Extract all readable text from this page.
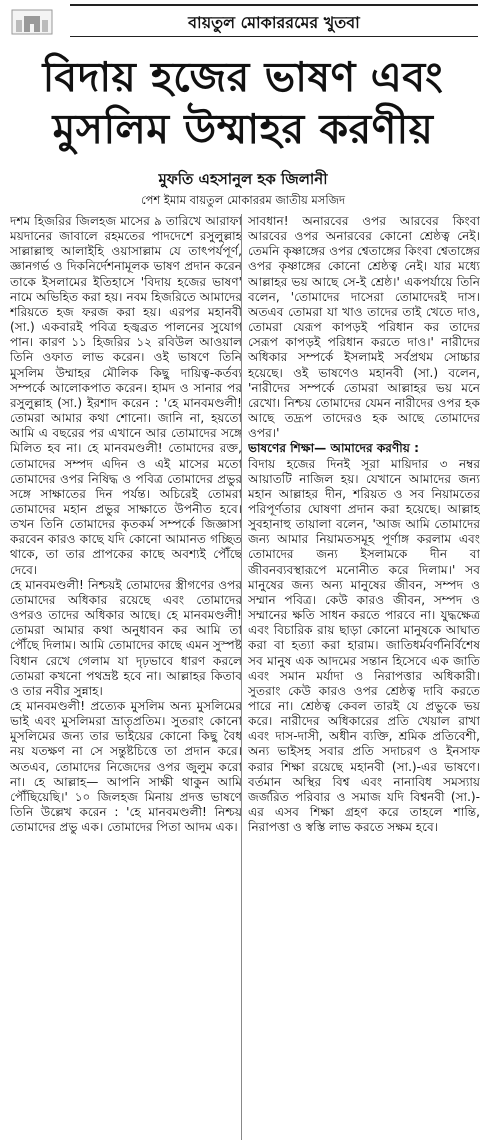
বায়তুল মোকাররমের খুতবা
বিদায় হজের ভাষণ এবং
মুসলিম উম্মাহর করণীয়
মুফতি এহসানুল হক জিলানী
পেশ ইমাম বায়তুল মোকাররম জাতীয় মসজিদ

দশম হিজরির জিলহজ মাসের ৯ তারিখে আরাফা ময়দানের জাবালে রহমতের পাদদেশে রসুলুল্লাহ সাল্লাল্লাহু আলাইহি ওয়াসাল্লাম যে তাৎপর্যপূর্ণ, জ্ঞানগর্ভ ও দিকনির্দেশনামূলক ভাষণ প্রদান করেন তাকে ইসলামের ইতিহাসে 'বিদায় হজের ভাষণ' নামে অভিহিত করা হয়। নবম হিজরিতে আমাদের শরিয়তে হজ ফরজ করা হয়। এরপর মহানবী (সা.) একবারই পবিত্র হজ্বব্রত পালনের সুযোগ পান। কারণ ১১ হিজরির ১২ রবিউল আওয়াল তিনি ওফাত লাভ করেন। ওই ভাষণে তিনি মুসলিম উম্মাহর মৌলিক কিছু দায়িত্ব-কর্তব্য সম্পর্কে আলোকপাত করেন। হামদ ও সানার পর রসুলুল্লাহ (সা.) ইরশাদ করেন : 'হে মানবমণ্ডলী! তোমরা আমার কথা শোনো। জানি না, হয়তো আমি এ বছরের পর এখানে আর তোমাদের সঙ্গে মিলিত হব না। হে মানবমণ্ডলী! তোমাদের রক্ত, তোমাদের সম্পদ এদিন ও এই মাসের মতো তোমাদের ওপর নিষিদ্ধ ও পবিত্র তোমাদের প্রভুর সঙ্গে সাক্ষাতের দিন পর্যন্ত। অচিরেই তোমরা তোমাদের মহান প্রভুর সাক্ষাতে উপনীত হবে। তখন তিনি তোমাদের কৃতকর্ম সম্পর্কে জিজ্ঞাসা করবেন কারও কাছে যদি কোনো আমানত গচ্ছিত থাকে, তা তার প্রাপকের কাছে অবশ্যই পৌঁছে দেবে।

হে মানবমণ্ডলী! নিশ্চয়ই তোমাদের স্ত্রীগণের ওপর তোমাদের অধিকার রয়েছে এবং তোমাদের ওপরও তাদের অধিকার আছে। হে মানবমণ্ডলী! তোমরা আমার কথা অনুধাবন কর আমি তা পৌঁছে দিলাম। আমি তোমাদের কাছে এমন সুস্পষ্ট বিধান রেখে গেলাম যা দৃঢ়ভাবে ধারণ করলে তোমরা কখনো পথভ্রষ্ট হবে না। আল্লাহর কিতাব ও তার নবীর সুন্নাহ।

হে মানবমণ্ডলী! প্রত্যেক মুসলিম অন্য মুসলিমের ভাই এবং মুসলিমরা ভ্রাতৃপ্রতিম। সুতরাং কোনো মুসলিমের জন্য তার ভাইয়ের কোনো কিছু বৈধ নয় যতক্ষণ না সে সন্তুষ্টচিত্তে তা প্রদান করে। অতএব, তোমাদের নিজেদের ওপর জুলুম করো না। হে আল্লাহ— আপনি সাক্ষী থাকুন আমি পৌঁছিয়েছি।' ১০ জিলহজ মিনায় প্রদত্ত ভাষণে তিনি উল্লেখ করেন : 'হে মানবমণ্ডলী! নিশ্চয় তোমাদের প্রভু এক। তোমাদের পিতা আদম এক।

সাবধান! অনারবের ওপর আরবের কিংবা আরবের ওপর অনারবের কোনো শ্রেষ্ঠত্ব নেই। তেমনি কৃষ্ণাঙ্গের ওপর শ্বেতাঙ্গের কিংবা শ্বেতাঙ্গের ওপর কৃষ্ণাঙ্গের কোনো শ্রেষ্ঠত্ব নেই। যার মধ্যে আল্লাহর ভয় আছে সে-ই শ্রেষ্ঠ।' একপর্যায়ে তিনি বলেন, 'তোমাদের দাসেরা তোমাদেরই দাস। অতএব তোমরা যা খাও তাদের তাই খেতে দাও, তোমরা যেরূপ কাপড়ই পরিধান কর তাদের সেরূপ কাপড়ই পরিধান করতে দাও।' নারীদের অধিকার সম্পর্কে ইসলামই সর্বপ্রথম সোচ্চার হয়েছে। ওই ভাষণেও মহানবী (সা.) বলেন, 'নারীদের সম্পর্কে তোমরা আল্লাহর ভয় মনে রেখো। নিশ্চয় তোমাদের যেমন নারীদের ওপর হক আছে তদ্রূপ তাদেরও হক আছে তোমাদের ওপর।'

ভাষণের শিক্ষা— আমাদের করণীয় :

বিদায় হজের দিনই সূরা মায়িদার ৩ নম্বর আয়াতটি নাজিল হয়। যেখানে আমাদের জন্য মহান আল্লাহর দীন, শরিয়ত ও সব নিয়ামতের পরিপূর্ণতার ঘোষণা প্রদান করা হয়েছে। আল্লাহ সুবহানাহু তায়ালা বলেন, 'আজ আমি তোমাদের জন্য আমার নিয়ামতসমূহ পূর্ণাঙ্গ করলাম এবং তোমাদের জন্য ইসলামকে দীন বা জীবনব্যবস্থারূপে মনোনীত করে দিলাম।' সব মানুষের জন্য অন্য মানুষের জীবন, সম্পদ ও সম্মান পবিত্র। কেউ কারও জীবন, সম্পদ ও সম্মানের ক্ষতি সাধন করতে পারবে না। যুদ্ধক্ষেত্র এবং বিচারিক রায় ছাড়া কোনো মানুষকে আঘাত করা বা হত্যা করা হারাম। জাতিধর্মবর্ণনির্বিশেষ সব মানুষ এক আদমের সন্তান হিসেবে এক জাতি এবং সমান মর্যাদা ও নিরাপত্তার অধিকারী। সুতরাং কেউ কারও ওপর শ্রেষ্ঠত্ব দাবি করতে পারে না। শ্রেষ্ঠত্ব কেবল তারই যে প্রভুকে ভয় করে। নারীদের অধিকারের প্রতি খেয়াল রাখা এবং দাস-দাসী, অধীন ব্যক্তি, শ্রমিক প্রতিবেশী, অন্য ভাইসহ সবার প্রতি সদাচরণ ও ইনসাফ করার শিক্ষা রয়েছে মহানবী (সা.)-এর ভাষণে। বর্তমান অস্থির বিশ্ব এবং নানাবিধ সমস্যায় জর্জরিত পরিবার ও সমাজ যদি বিশ্বনবী (সা.)-এর এসব শিক্ষা গ্রহণ করে তাহলে শান্তি, নিরাপত্তা ও স্বস্তি লাভ করতে সক্ষম হবে।
